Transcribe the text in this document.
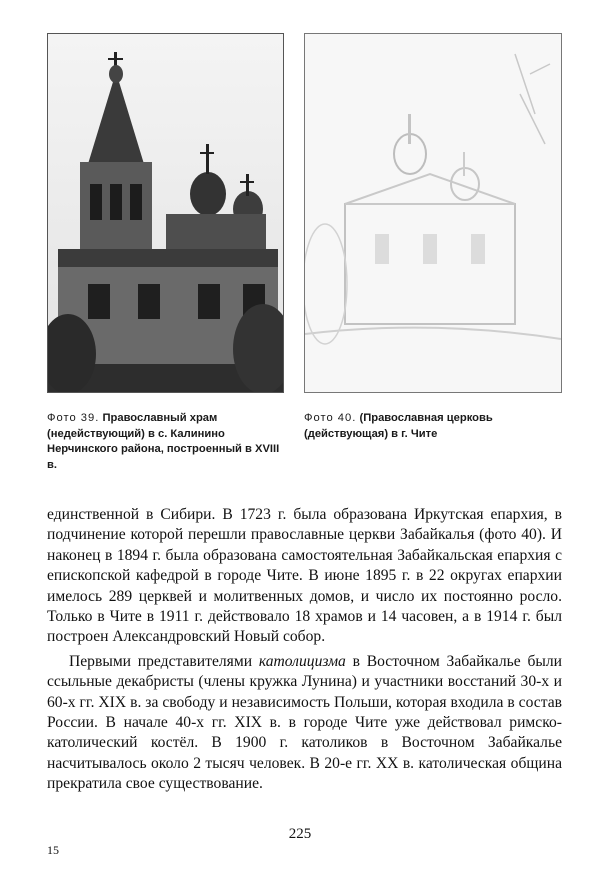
Фото 39. Православный храм (недействующий) в с. Калинино Нерчинского района, построенный в XVIII в.
Фото 40. (Православная церковь (действующая) в г. Чите

единственной в Сибири. В 1723 г. была образована Иркутская епархия, в подчинение которой перешли православные церкви Забайкалья (фото 40). И наконец в 1894 г. была образована самостоятельная Забайкальская епархия с епископской кафедрой в городе Чите. В июне 1895 г. в 22 округах епархии имелось 289 церквей и молитвенных домов, и число их постоянно росло. Только в Чите в 1911 г. действовало 18 храмов и 14 часовен, а в 1914 г. был построен Александровский Новый собор.

Первыми представителями католицизма в Восточном Забайкалье были ссыльные декабристы (члены кружка Лунина) и участники восстаний 30-х и 60-х гг. XIX в. за свободу и независимость Польши, которая входила в состав России. В начале 40-х гг. XIX в. в городе Чите уже действовал римско-католический костёл. В 1900 г. католиков в Восточном Забайкалье насчитывалось около 2 тысяч человек. В 20-е гг. XX в. католическая община прекратила свое существование.

225
15
